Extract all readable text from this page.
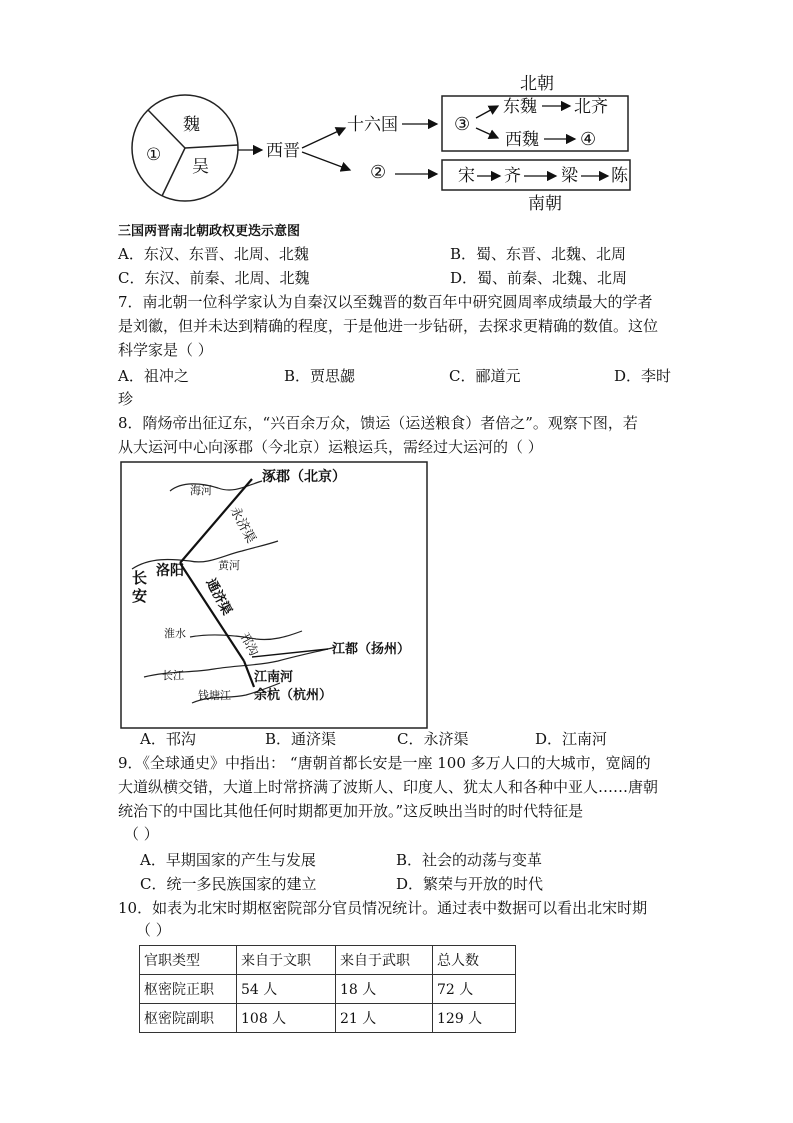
魏
①
吴
西晋
十六国
②
北朝
③
东魏 北齐
西魏 ④
宋 齐 梁 陈
南朝
三国两晋南北朝政权更迭示意图
A．东汉、东晋、北周、北魏	B．蜀、东晋、北魏、北周
C．东汉、前秦、北周、北魏	D．蜀、前秦、北魏、北周
7．南北朝一位科学家认为自秦汉以至魏晋的数百年中研究圆周率成绩最大的学者
是刘徽，但并未达到精确的程度，于是他进一步钻研，去探求更精确的数值。这位
科学家是（ ）
A．祖冲之	B．贾思勰	C．郦道元	D．李时
珍
8．隋炀帝出征辽东，“兴百余万众，馈运（运送粮食）者倍之”。观察下图，若
从大运河中心向涿郡（今北京）运粮运兵，需经过大运河的（ ）
涿郡（北京）
海河
永济渠
黄河
洛阳
长
安	通济渠
淮水	邗沟	江都（扬州）
长江	江南河
钱塘江 余杭（杭州）
A．邗沟	B．通济渠	C．永济渠	D．江南河
9．《全球通史》中指出： “唐朝首都长安是一座 100 多万人口的大城市，宽阔的
大道纵横交错，大道上时常挤满了波斯人、印度人、犹太人和各种中亚人……唐朝
统治下的中国比其他任何时期都更加开放。”这反映出当时的时代特征是
（ ）
A．早期国家的产生与发展	B．社会的动荡与变革
C．统一多民族国家的建立	D．繁荣与开放的时代
10．如表为北宋时期枢密院部分官员情况统计。通过表中数据可以看出北宋时期
（ ）
官职类型	来自于文职	来自于武职	总人数
枢密院正职	54 人	18 人	72 人
枢密院副职	108 人	21 人	129 人
